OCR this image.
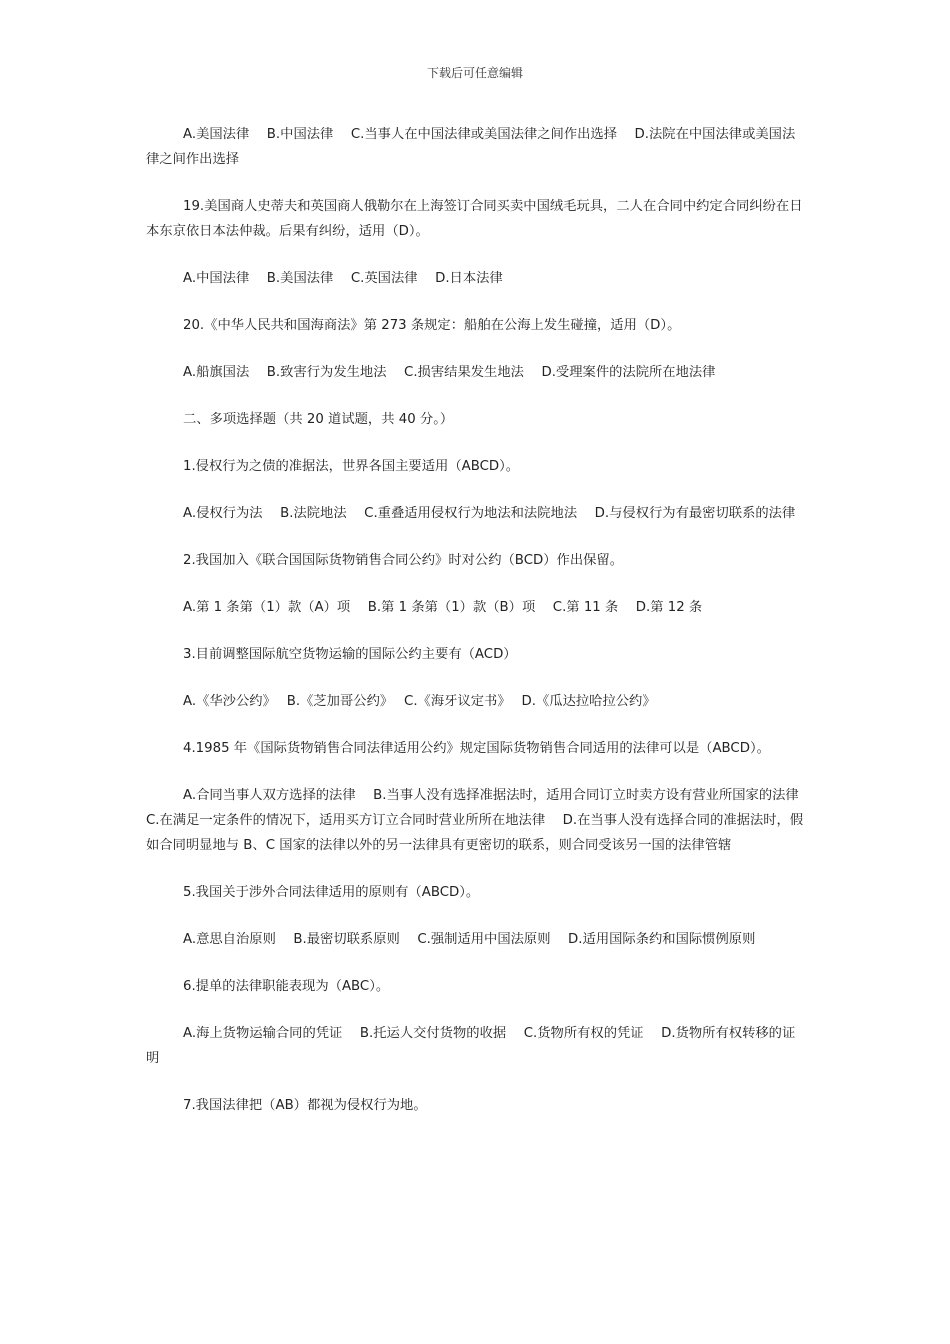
下载后可任意编辑

A.美国法律　 B.中国法律　 C.当事人在中国法律或美国法律之间作出选择　 D.法院在中国法律或美国法律之间作出选择

19.美国商人史蒂夫和英国商人俄勒尔在上海签订合同买卖中国绒毛玩具，二人在合同中约定合同纠纷在日本东京依日本法仲裁。后果有纠纷，适用（D）。

A.中国法律　 B.美国法律　 C.英国法律　 D.日本法律

20.《中华人民共和国海商法》第 273 条规定：船舶在公海上发生碰撞，适用（D）。

A.船旗国法　 B.致害行为发生地法　 C.损害结果发生地法　 D.受理案件的法院所在地法律

二、多项选择题（共 20 道试题，共 40 分。）

1.侵权行为之债的准据法，世界各国主要适用（ABCD）。

A.侵权行为法　 B.法院地法　 C.重叠适用侵权行为地法和法院地法　 D.与侵权行为有最密切联系的法律

2.我国加入《联合国国际货物销售合同公约》时对公约（BCD）作出保留。

A.第 1 条第（1）款（A）项　 B.第 1 条第（1）款（B）项　 C.第 11 条　 D.第 12 条

3.目前调整国际航空货物运输的国际公约主要有（ACD）

A.《华沙公约》　 B.《芝加哥公约》　 C.《海牙议定书》　 D.《瓜达拉哈拉公约》

4.1985 年《国际货物销售合同法律适用公约》规定国际货物销售合同适用的法律可以是（ABCD）。

A.合同当事人双方选择的法律　 B.当事人没有选择准据法时，适用合同订立时卖方设有营业所国家的法律　 C.在满足一定条件的情况下，适用买方订立合同时营业所所在地法律　 D.在当事人没有选择合同的准据法时，假如合同明显地与 B、C 国家的法律以外的另一法律具有更密切的联系，则合同受该另一国的法律管辖

5.我国关于涉外合同法律适用的原则有（ABCD）。

A.意思自治原则　 B.最密切联系原则　 C.强制适用中国法原则　 D.适用国际条约和国际惯例原则

6.提单的法律职能表现为（ABC）。

A.海上货物运输合同的凭证　 B.托运人交付货物的收据　 C.货物所有权的凭证　 D.货物所有权转移的证明

7.我国法律把（AB）都视为侵权行为地。
